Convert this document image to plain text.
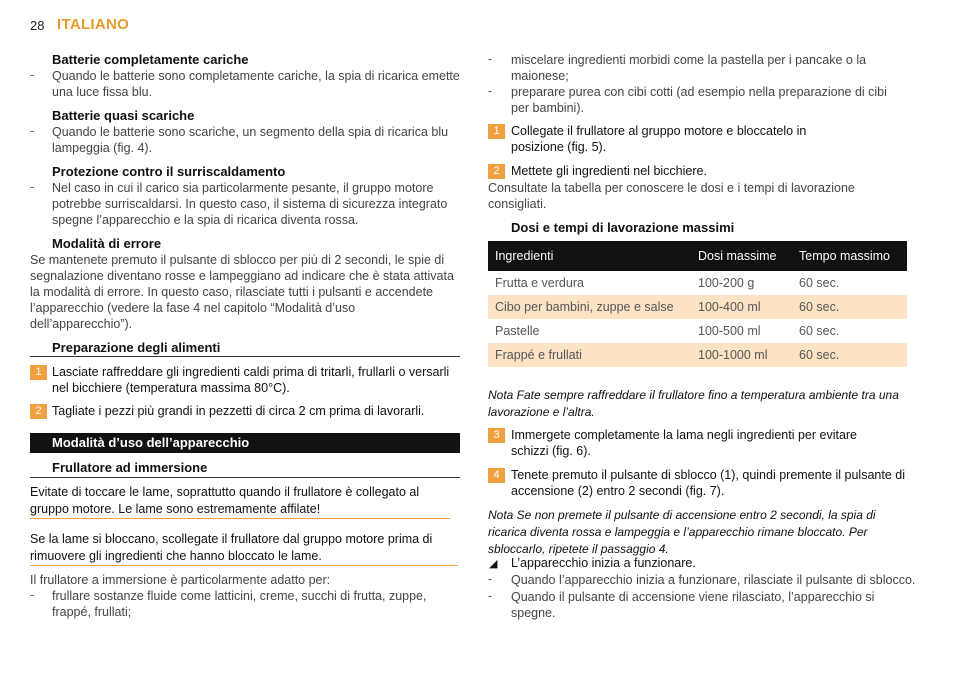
28 ITALIANO
Batterie completamente cariche
- Quando le batterie sono completamente cariche, la spia di ricarica emette una luce fissa blu.
Batterie quasi scariche
- Quando le batterie sono scariche, un segmento della spia di ricarica blu lampeggia (fig. 4).
Protezione contro il surriscaldamento
- Nel caso in cui il carico sia particolarmente pesante, il gruppo motore potrebbe surriscaldarsi. In questo caso, il sistema di sicurezza integrato spegne l’apparecchio e la spia di ricarica diventa rossa.
Modalità di errore
Se mantenete premuto il pulsante di sblocco per più di 2 secondi, le spie di segnalazione diventano rosse e lampeggiano ad indicare che è stata attivata la modalità di errore. In questo caso, rilasciate tutti i pulsanti e accendete l’apparecchio (vedere la fase 4 nel capitolo “Modalità d’uso dell’apparecchio”).
Preparazione degli alimenti
1 Lasciate raffreddare gli ingredienti caldi prima di tritarli, frullarli o versarli nel bicchiere (temperatura massima 80°C).
2 Tagliate i pezzi più grandi in pezzetti di circa 2 cm prima di lavorarli.
Modalità d’uso dell’apparecchio
Frullatore ad immersione
Evitate di toccare le lame, soprattutto quando il frullatore è collegato al gruppo motore. Le lame sono estremamente affilate!
Se la lame si bloccano, scollegate il frullatore dal gruppo motore prima di rimuovere gli ingredienti che hanno bloccato le lame.
Il frullatore a immersione è particolarmente adatto per:
- frullare sostanze fluide come latticini, creme, succhi di frutta, zuppe, frappé, frullati;
- miscelare ingredienti morbidi come la pastella per i pancake o la maionese;
- preparare purea con cibi cotti (ad esempio nella preparazione di cibi per bambini).
1 Collegate il frullatore al gruppo motore e bloccatelo in posizione (fig. 5).
2 Mettete gli ingredienti nel bicchiere.
Consultate la tabella per conoscere le dosi e i tempi di lavorazione consigliati.
Dosi e tempi di lavorazione massimi
Ingredienti	Dosi massime	Tempo massimo
Frutta e verdura	100-200 g	60 sec.
Cibo per bambini, zuppe e salse	100-400 ml	60 sec.
Pastelle	100-500 ml	60 sec.
Frappé e frullati	100-1000 ml	60 sec.
Nota Fate sempre raffreddare il frullatore fino a temperatura ambiente tra una lavorazione e l’altra.
3 Immergete completamente la lama negli ingredienti per evitare schizzi (fig. 6).
4 Tenete premuto il pulsante di sblocco (1), quindi premente il pulsante di accensione (2) entro 2 secondi (fig. 7).
Nota Se non premete il pulsante di accensione entro 2 secondi, la spia di ricarica diventa rossa e lampeggia e l’apparecchio rimane bloccato. Per sbloccarlo, ripetete il passaggio 4.
◢ L’apparecchio inizia a funzionare.
- Quando l’apparecchio inizia a funzionare, rilasciate il pulsante di sblocco.
- Quando il pulsante di accensione viene rilasciato, l’apparecchio si spegne.
